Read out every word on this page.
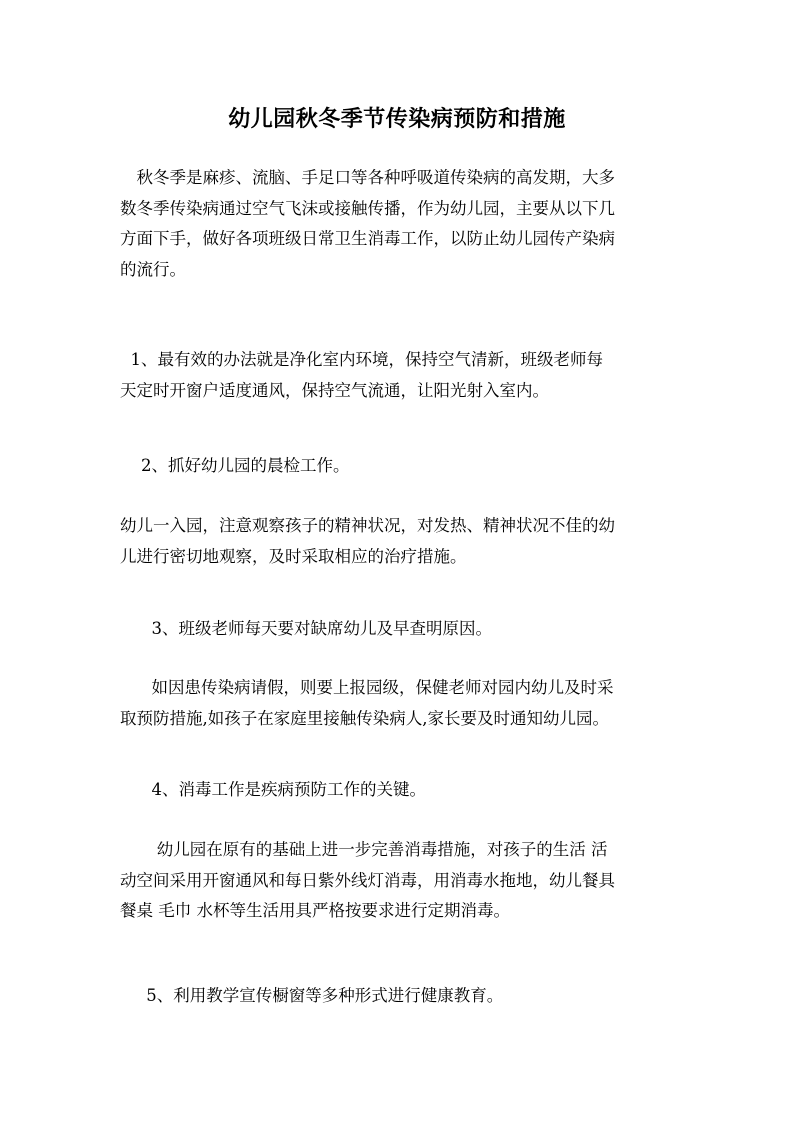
幼儿园秋冬季节传染病预防和措施
　秋冬季是麻疹、流脑、手足口等各种呼吸道传染病的高发期，大多
数冬季传染病通过空气飞沫或接触传播，作为幼儿园，主要从以下几
方面下手，做好各项班级日常卫生消毒工作，以防止幼儿园传产染病
的流行。
1、最有效的办法就是净化室内环境，保持空气清新，班级老师每
天定时开窗户适度通风，保持空气流通，让阳光射入室内。
2、抓好幼儿园的晨检工作。
幼儿一入园，注意观察孩子的精神状况，对发热、精神状况不佳的幼
儿进行密切地观察，及时采取相应的治疗措施。
3、班级老师每天要对缺席幼儿及早查明原因。
如因患传染病请假，则要上报园级，保健老师对园内幼儿及时采
取预防措施,如孩子在家庭里接触传染病人,家长要及时通知幼儿园。
4、消毒工作是疾病预防工作的关键。
幼儿园在原有的基础上进一步完善消毒措施，对孩子的生活 活
动空间采用开窗通风和每日紫外线灯消毒，用消毒水拖地，幼儿餐具
餐桌 毛巾 水杯等生活用具严格按要求进行定期消毒。
5、利用教学宣传橱窗等多种形式进行健康教育。
